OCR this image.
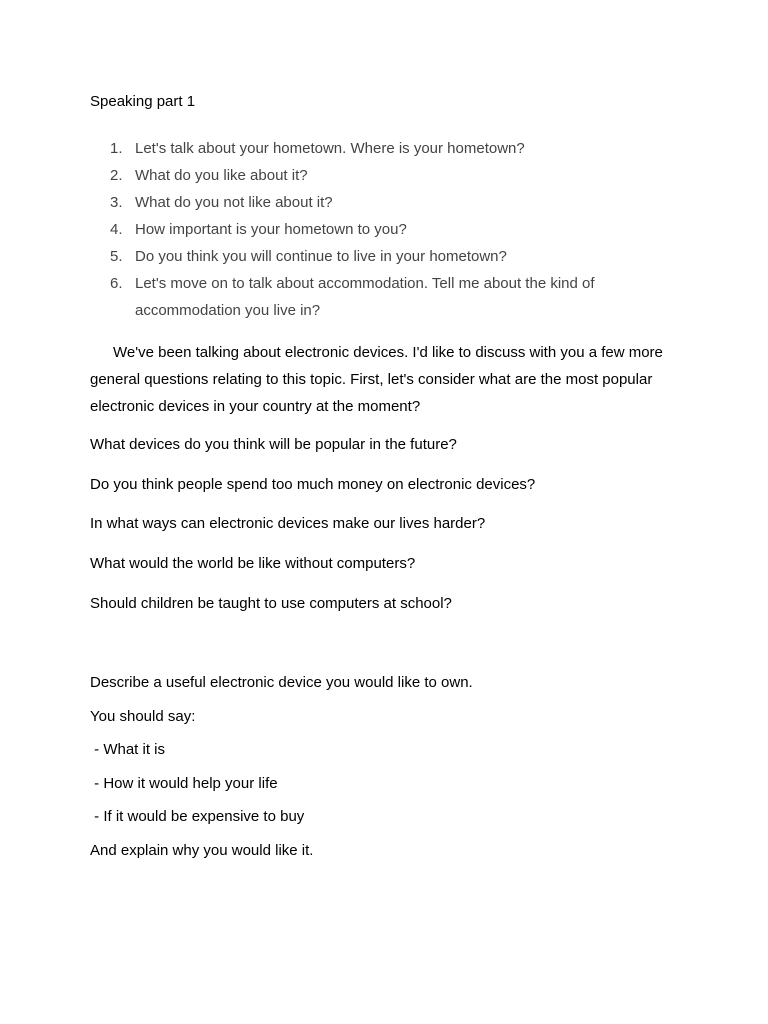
Speaking part 1

1. Let's talk about your hometown. Where is your hometown?
2. What do you like about it?
3. What do you not like about it?
4. How important is your hometown to you?
5. Do you think you will continue to live in your hometown?
6. Let's move on to talk about accommodation. Tell me about the kind of accommodation you live in?

We've been talking about electronic devices. I'd like to discuss with you a few more general questions relating to this topic. First, let's consider what are the most popular electronic devices in your country at the moment?

What devices do you think will be popular in the future?

Do you think people spend too much money on electronic devices?

In what ways can electronic devices make our lives harder?

What would the world be like without computers?

Should children be taught to use computers at school?

Describe a useful electronic device you would like to own.

You should say:

- What it is

- How it would help your life

- If it would be expensive to buy

And explain why you would like it.
